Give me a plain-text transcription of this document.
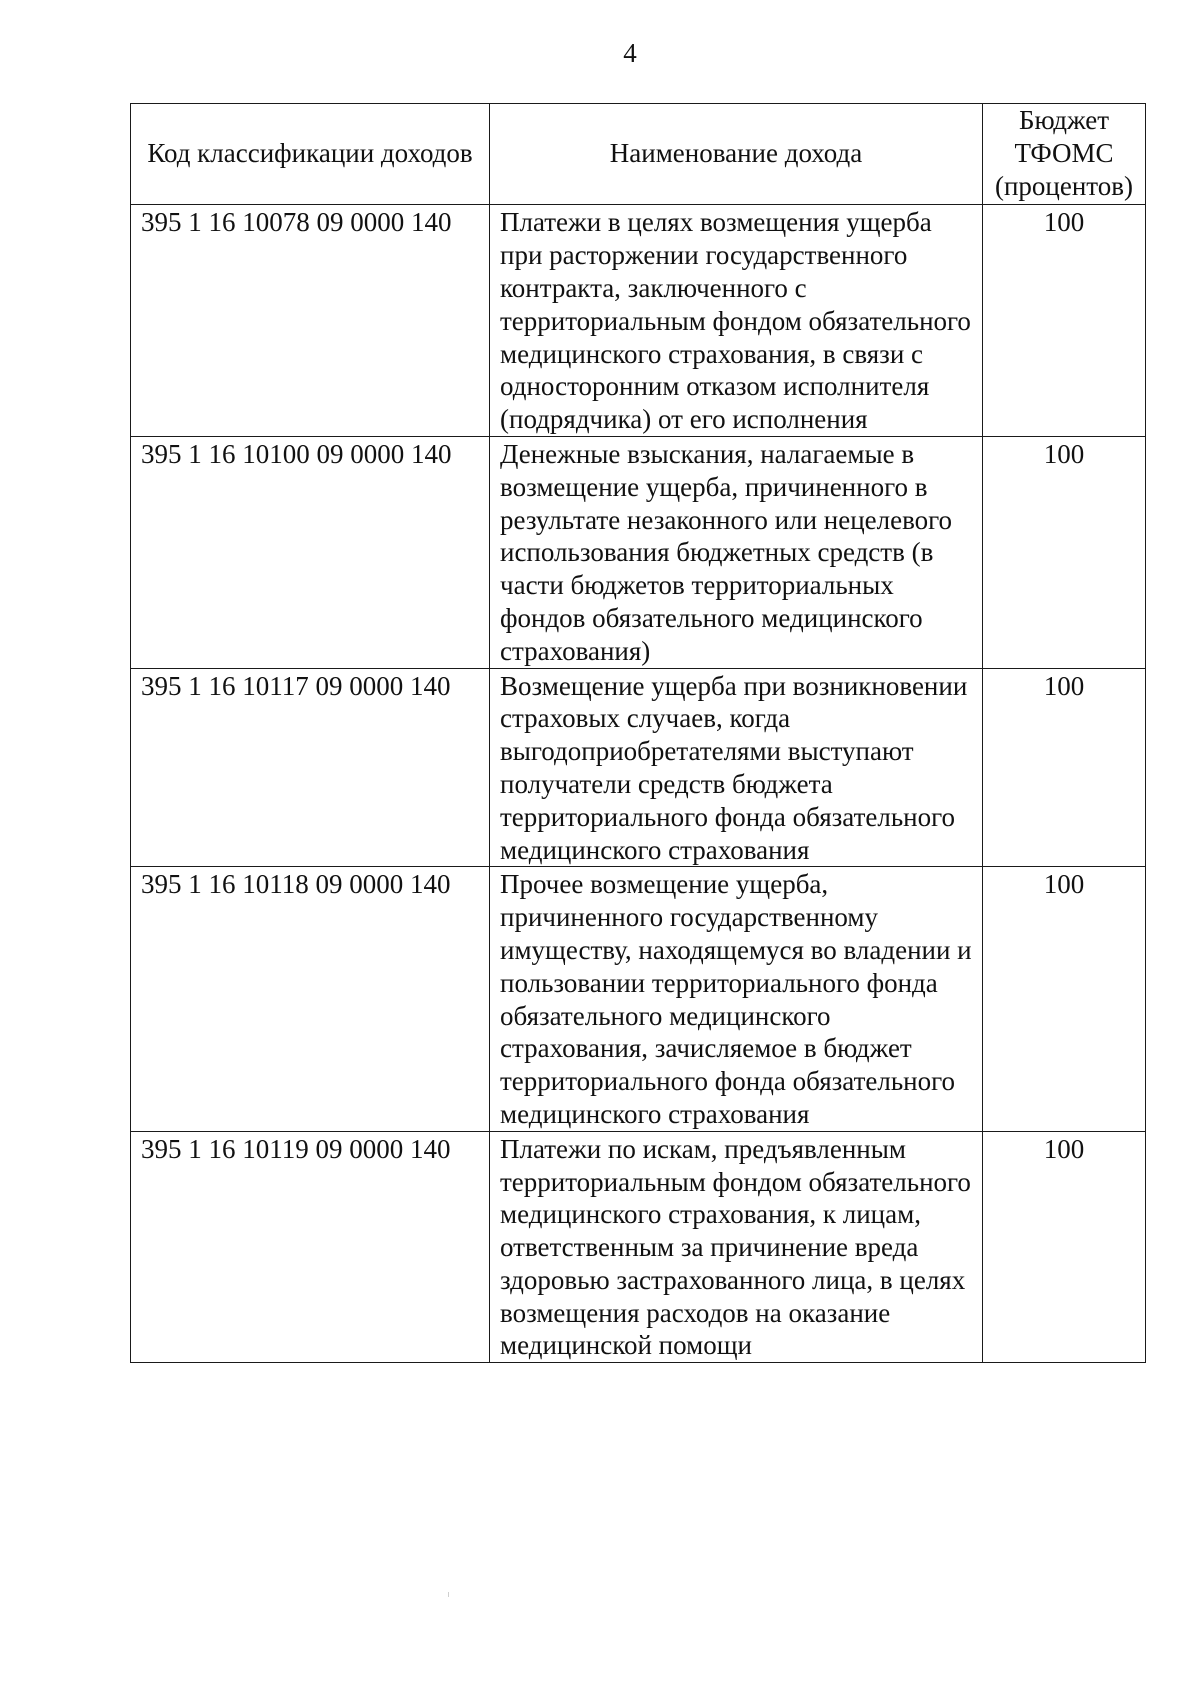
4
Код классификации доходов	Наименование дохода	Бюджет ТФОМС (процентов)
395 1 16 10078 09 0000 140	Платежи в целях возмещения ущерба при расторжении государственного контракта, заключенного с территориальным фондом обязательного медицинского страхования, в связи с односторонним отказом исполнителя (подрядчика) от его исполнения	100
395 1 16 10100 09 0000 140	Денежные взыскания, налагаемые в возмещение ущерба, причиненного в результате незаконного или нецелевого использования бюджетных средств (в части бюджетов территориальных фондов обязательного медицинского страхования)	100
395 1 16 10117 09 0000 140	Возмещение ущерба при возникновении страховых случаев, когда выгодоприобретателями выступают получатели средств бюджета территориального фонда обязательного медицинского страхования	100
395 1 16 10118 09 0000 140	Прочее возмещение ущерба, причиненного государственному имуществу, находящемуся во владении и пользовании территориального фонда обязательного медицинского страхования, зачисляемое в бюджет территориального фонда обязательного медицинского страхования	100
395 1 16 10119 09 0000 140	Платежи по искам, предъявленным территориальным фондом обязательного медицинского страхования, к лицам, ответственным за причинение вреда здоровью застрахованного лица, в целях возмещения расходов на оказание медицинской помощи	100
